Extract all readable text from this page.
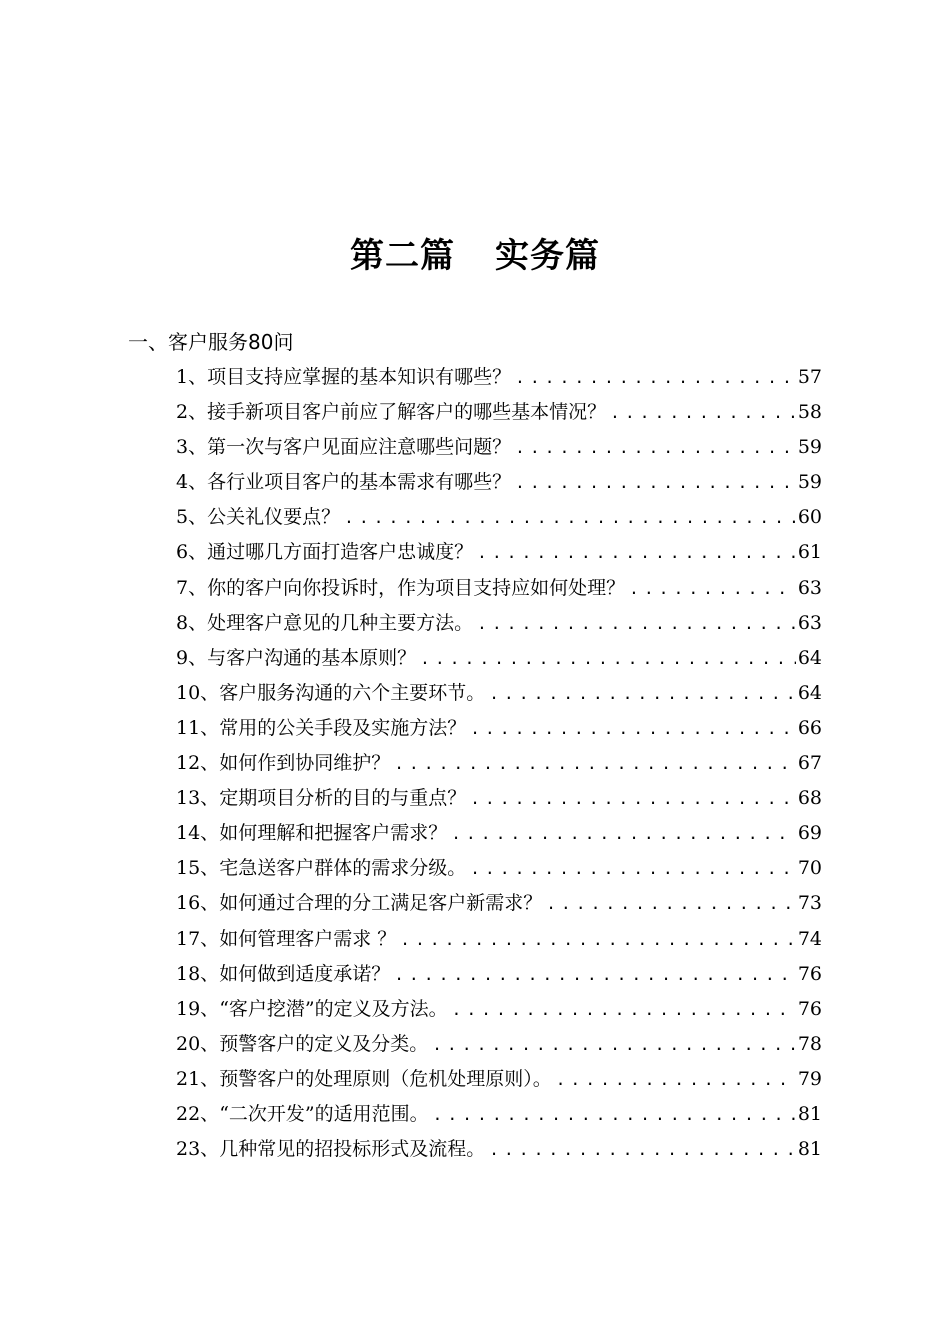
第二篇 实务篇
一、客户服务80问
1、 项目支持应掌握的基本知识有哪些？ .....	57
2、 接手新项目客户前应了解客户的哪些基本情况？ .....	58
3、 第一次与客户见面应注意哪些问题？ .....	59
4、 各行业项目客户的基本需求有哪些？ .....	59
5、 公关礼仪要点？ .....	60
6、 通过哪几方面打造客户忠诚度？ .....	61
7、 你的客户向你投诉时，作为项目支持应如何处理？ .....	63
8、 处理客户意见的几种主要方法。 .....	63
9、 与客户沟通的基本原则？ .....	64
10、 客户服务沟通的六个主要环节。 .....	64
11、 常用的公关手段及实施方法？ .....	66
12、 如何作到协同维护？ .....	67
13、 定期项目分析的目的与重点？ .....	68
14、 如何理解和把握客户需求？ .....	69
15、 宅急送客户群体的需求分级。 .....	70
16、 如何通过合理的分工满足客户新需求？ .....	73
17、 如何管理客户需求 ？ .....	74
18、 如何做到适度承诺？ .....	76
19、 “客户挖潜”的定义及方法。 .....	76
20、 预警客户的定义及分类。 .....	78
21、 预警客户的处理原则（危机处理原则）。 .....	79
22、 “二次开发”的适用范围。 .....	81
23、 几种常见的招投标形式及流程。 .....	81
